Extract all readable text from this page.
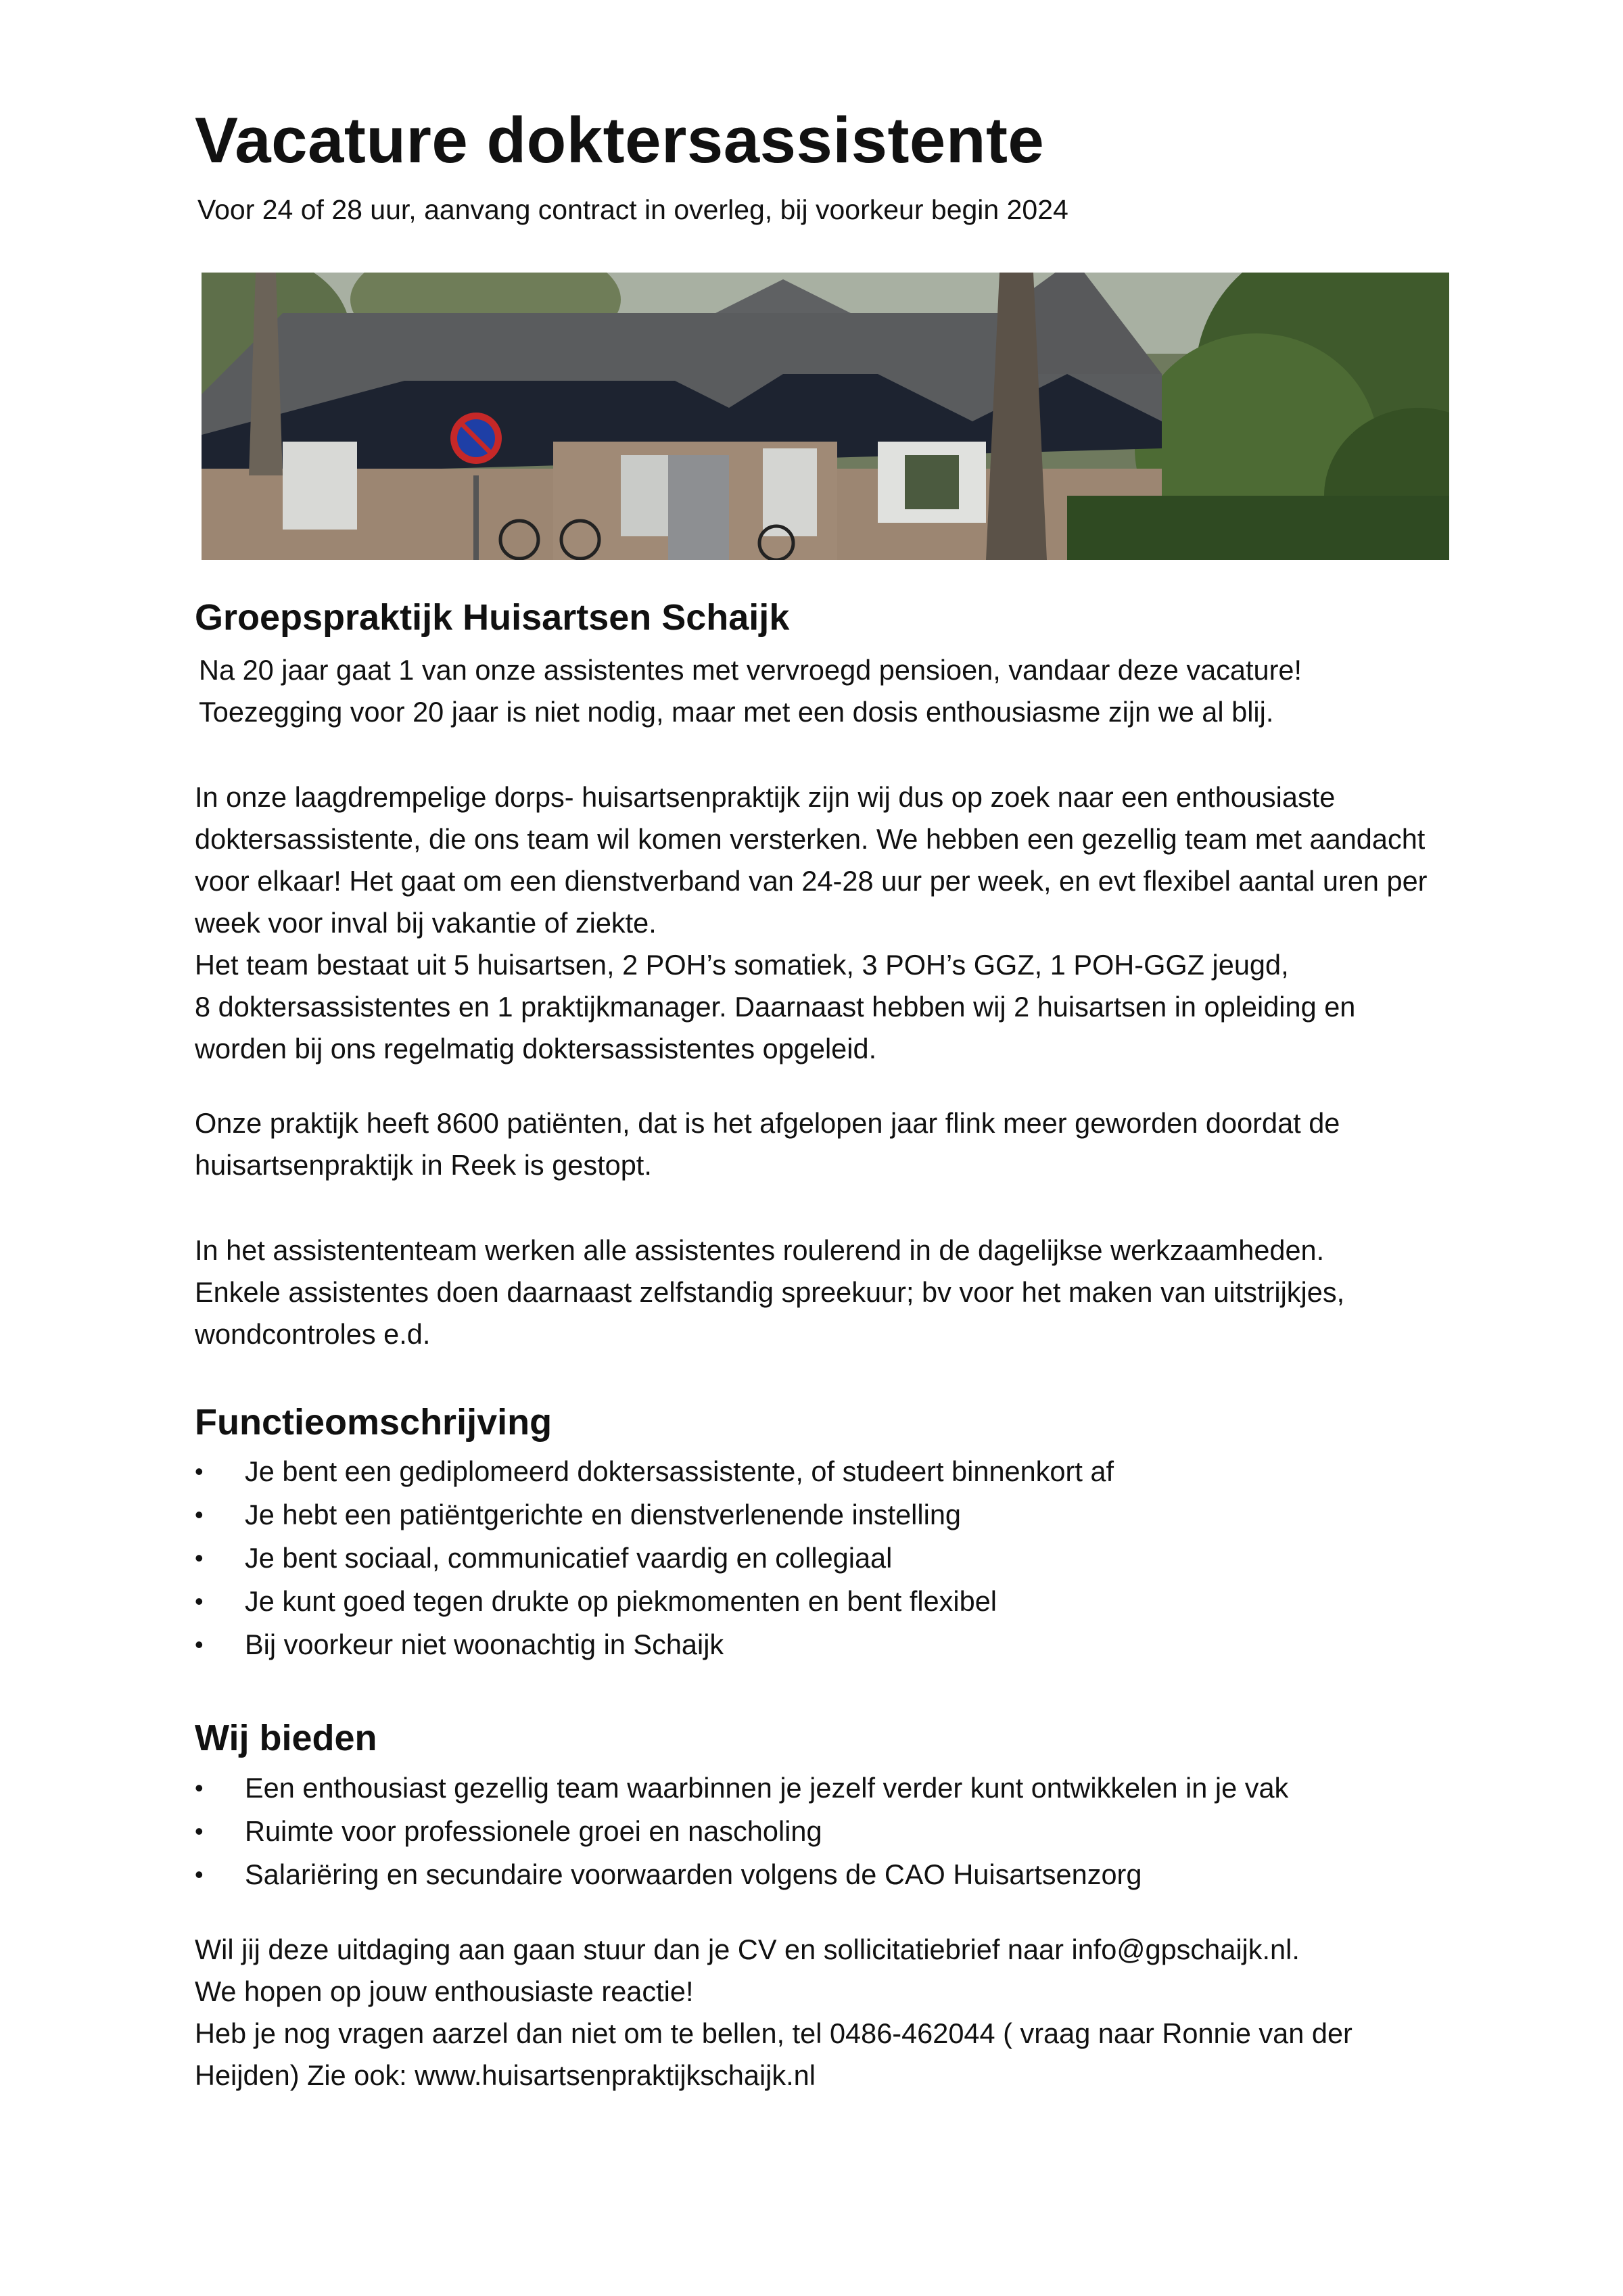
Vacature doktersassistente

Voor 24 of 28 uur, aanvang contract in overleg, bij voorkeur begin 2024

Groepspraktijk Huisartsen Schaijk

Na 20 jaar gaat 1 van onze assistentes met vervroegd pensioen, vandaar deze vacature!
Toezegging voor 20 jaar is niet nodig, maar met een dosis enthousiasme zijn we al blij.

In onze laagdrempelige dorps- huisartsenpraktijk zijn wij dus op zoek naar een enthousiaste
doktersassistente, die ons team wil komen versterken. We hebben een gezellig team met aandacht
voor elkaar! Het gaat om een dienstverband van 24-28 uur per week, en evt flexibel aantal uren per
week voor inval bij vakantie of ziekte.
Het team bestaat uit 5 huisartsen, 2 POH’s somatiek, 3 POH’s GGZ, 1 POH-GGZ jeugd,
8 doktersassistentes en 1 praktijkmanager. Daarnaast hebben wij 2 huisartsen in opleiding en
worden bij ons regelmatig doktersassistentes opgeleid.

Onze praktijk heeft 8600 patiënten, dat is het afgelopen jaar flink meer geworden doordat de
huisartsenpraktijk in Reek is gestopt.

In het assistententeam werken alle assistentes roulerend in de dagelijkse werkzaamheden.
Enkele assistentes doen daarnaast zelfstandig spreekuur; bv voor het maken van uitstrijkjes,
wondcontroles e.d.

Functieomschrijving
• Je bent een gediplomeerd doktersassistente, of studeert binnenkort af
• Je hebt een patiëntgerichte en dienstverlenende instelling
• Je bent sociaal, communicatief vaardig en collegiaal
• Je kunt goed tegen drukte op piekmomenten en bent flexibel
• Bij voorkeur niet woonachtig in Schaijk
Wij bieden
• Een enthousiast gezellig team waarbinnen je jezelf verder kunt ontwikkelen in je vak
• Ruimte voor professionele groei en nascholing
• Salariëring en secundaire voorwaarden volgens de CAO Huisartsenzorg

Wil jij deze uitdaging aan gaan stuur dan je CV en sollicitatiebrief naar info@gpschaijk.nl.
We hopen op jouw enthousiaste reactie!
Heb je nog vragen aarzel dan niet om te bellen, tel 0486-462044 ( vraag naar Ronnie van der
Heijden) Zie ook: www.huisartsenpraktijkschaijk.nl
